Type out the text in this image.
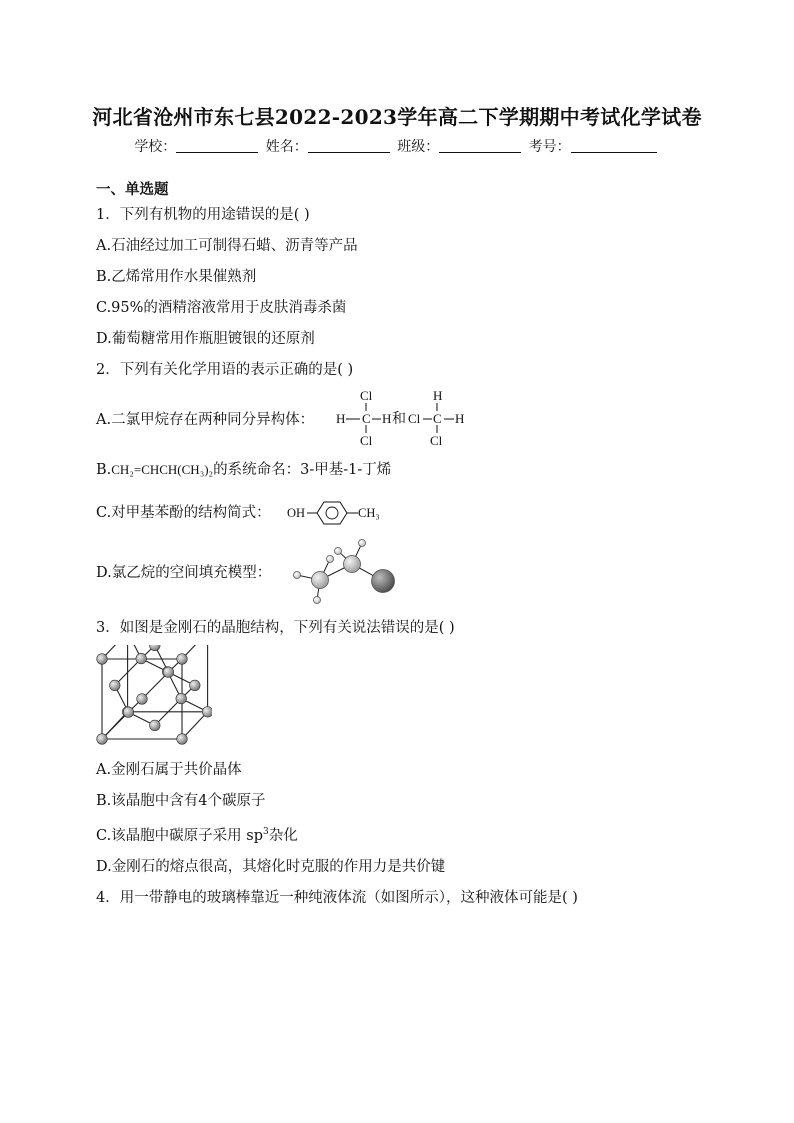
河北省沧州市东七县2022-2023学年高二下学期期中考试化学试卷
学校：	姓名：	班级：	考号：
一、单选题
1．下列有机物的用途错误的是( )
A.石油经过加工可制得石蜡、沥青等产品
B.乙烯常用作水果催熟剂
C.95%的酒精溶液常用于皮肤消毒杀菌
D.葡萄糖常用作瓶胆镀银的还原剂
2．下列有关化学用语的表示正确的是( )
A.二氯甲烷存在两种同分异构体：
Cl
H C H
Cl
H
Cl C H
Cl
和
B.CH₂=CHCH(CH₃)₂的系统命名：3-甲基-1-丁烯
C.对甲基苯酚的结构简式： OH	CH₃
D.氯乙烷的空间填充模型：
3．如图是金刚石的晶胞结构，下列有关说法错误的是( )
A.金刚石属于共价晶体
B.该晶胞中含有4个碳原子
C.该晶胞中碳原子采用 $sp^3$杂化
D.金刚石的熔点很高，其熔化时克服的作用力是共价键
4．用一带静电的玻璃棒靠近一种纯液体流（如图所示），这种液体可能是( )
